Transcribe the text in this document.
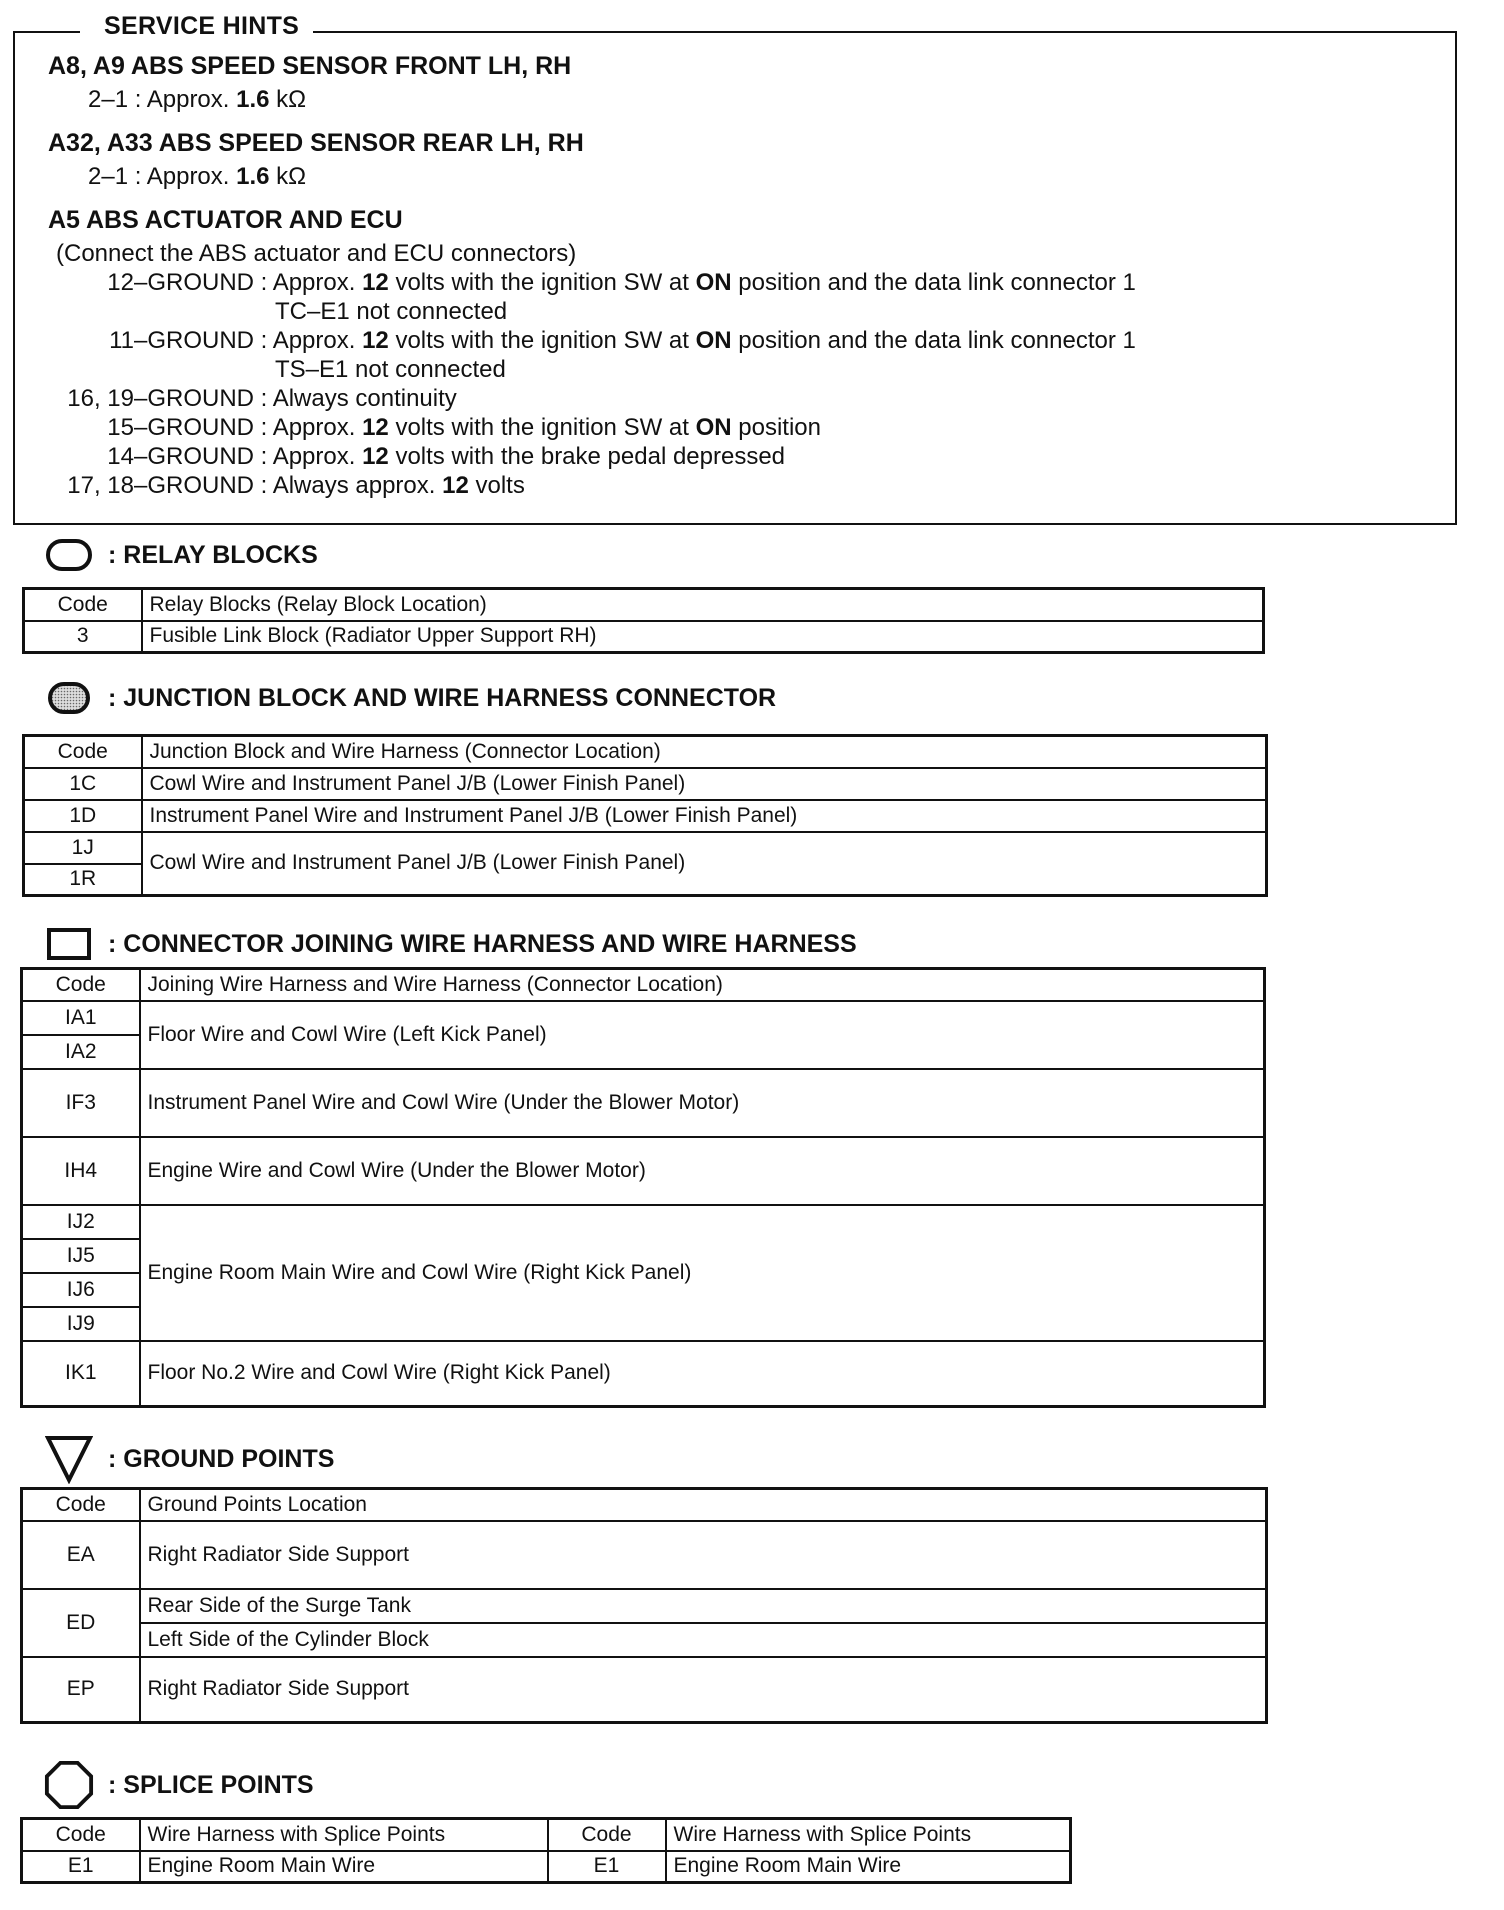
SERVICE HINTS
A8, A9 ABS SPEED SENSOR FRONT LH, RH
2–1 : Approx. 1.6 kΩ
A32, A33 ABS SPEED SENSOR REAR LH, RH
2–1 : Approx. 1.6 kΩ
A5 ABS ACTUATOR AND ECU
(Connect the ABS actuator and ECU connectors)
12–GROUND : Approx. 12 volts with the ignition SW at ON position and the data link connector 1
TC–E1 not connected
11–GROUND : Approx. 12 volts with the ignition SW at ON position and the data link connector 1
TS–E1 not connected
16, 19–GROUND : Always continuity
15–GROUND : Approx. 12 volts with the ignition SW at ON position
14–GROUND : Approx. 12 volts with the brake pedal depressed
17, 18–GROUND : Always approx. 12 volts
: RELAY BLOCKS
Code	Relay Blocks (Relay Block Location)
3	Fusible Link Block (Radiator Upper Support RH)
: JUNCTION BLOCK AND WIRE HARNESS CONNECTOR
Code	Junction Block and Wire Harness (Connector Location)
1C	Cowl Wire and Instrument Panel J/B (Lower Finish Panel)
1D	Instrument Panel Wire and Instrument Panel J/B (Lower Finish Panel)
1J	Cowl Wire and Instrument Panel J/B (Lower Finish Panel)
1R	
: CONNECTOR JOINING WIRE HARNESS AND WIRE HARNESS
Code	Joining Wire Harness and Wire Harness (Connector Location)
IA1	Floor Wire and Cowl Wire (Left Kick Panel)
IA2	
IF3	Instrument Panel Wire and Cowl Wire (Under the Blower Motor)
IH4	Engine Wire and Cowl Wire (Under the Blower Motor)
IJ2	Engine Room Main Wire and Cowl Wire (Right Kick Panel)
IJ5	
IJ6	
IJ9	
IK1	Floor No.2 Wire and Cowl Wire (Right Kick Panel)
: GROUND POINTS
Code	Ground Points Location
EA	Right Radiator Side Support
ED	Rear Side of the Surge Tank
	Left Side of the Cylinder Block
EP	Right Radiator Side Support
: SPLICE POINTS
Code	Wire Harness with Splice Points	Code	Wire Harness with Splice Points
E1	Engine Room Main Wire	E1	Engine Room Main Wire
